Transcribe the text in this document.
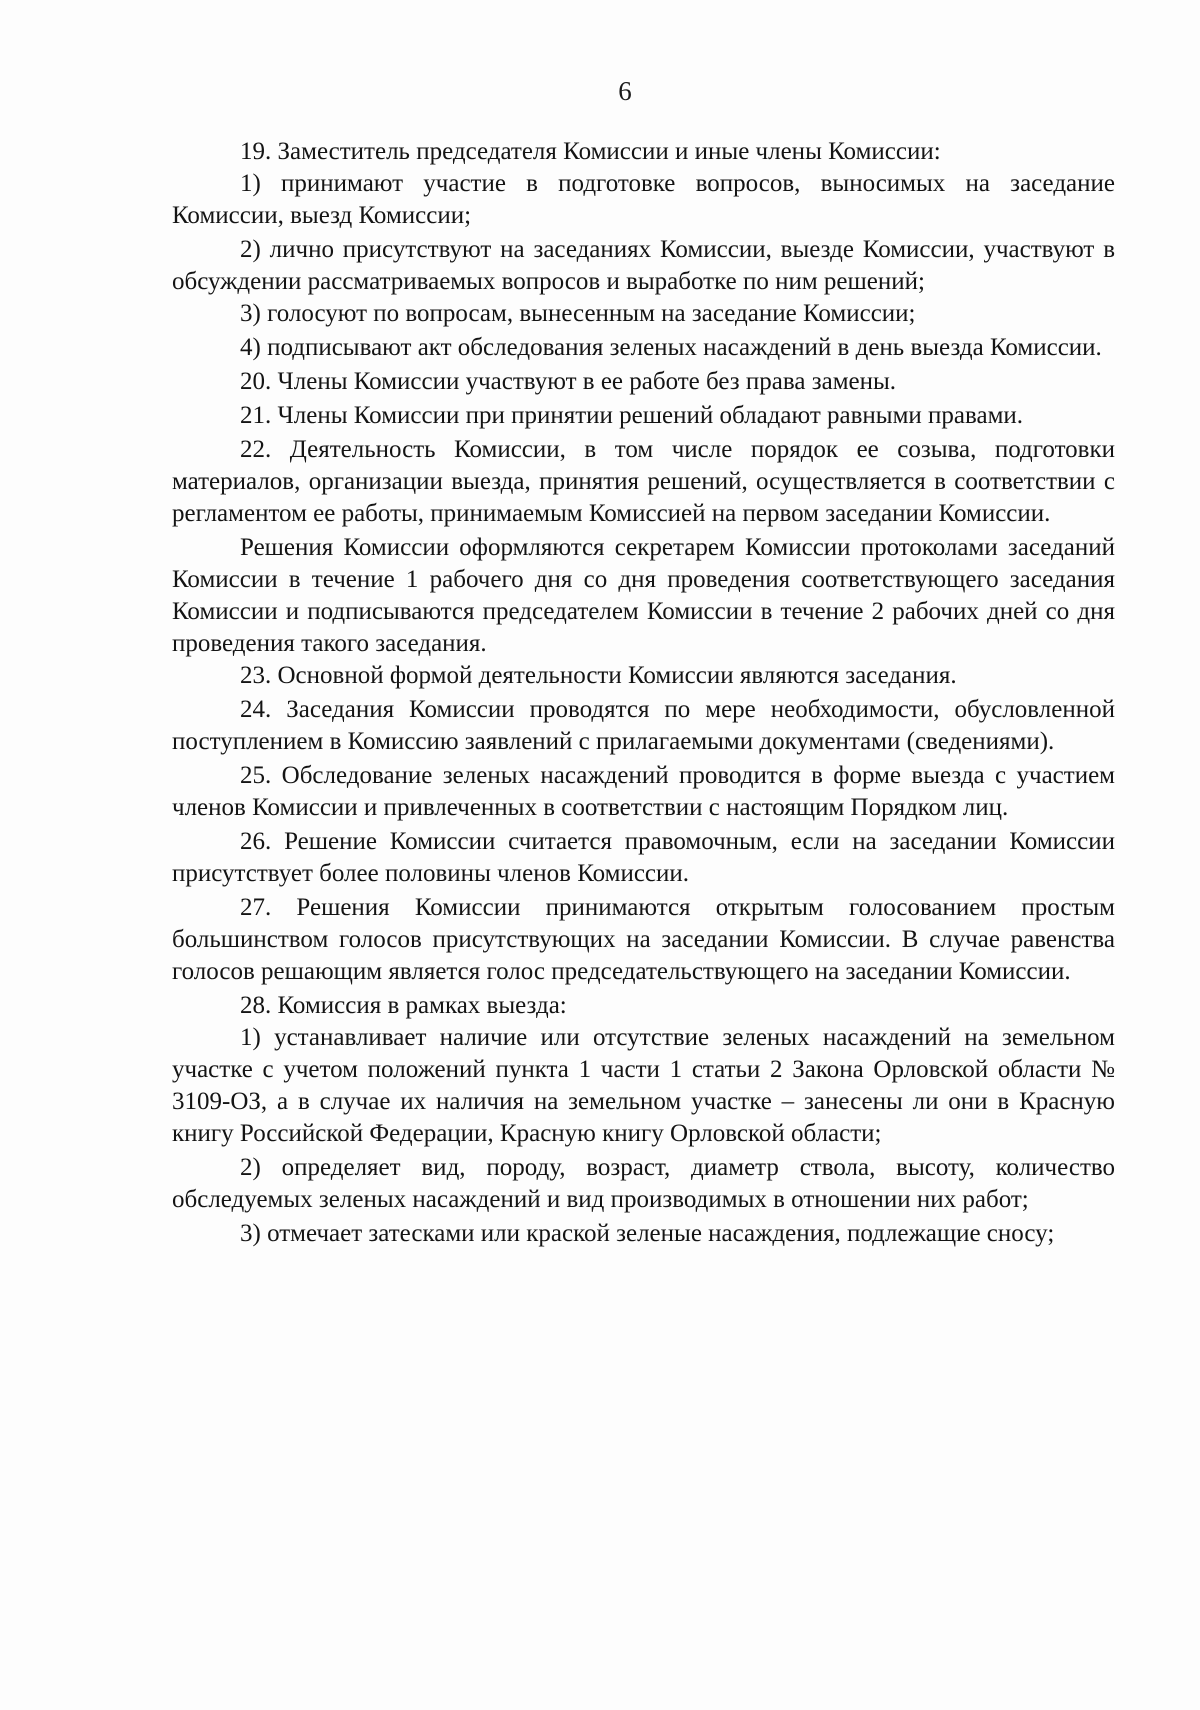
6

19. Заместитель председателя Комиссии и иные члены Комиссии:

1) принимают участие в подготовке вопросов, выносимых на заседание Комиссии, выезд Комиссии;

2) лично присутствуют на заседаниях Комиссии, выезде Комиссии, участвуют в обсуждении рассматриваемых вопросов и выработке по ним решений;

3) голосуют по вопросам, вынесенным на заседание Комиссии;

4) подписывают акт обследования зеленых насаждений в день выезда Комиссии.

20. Члены Комиссии участвуют в ее работе без права замены.

21. Члены Комиссии при принятии решений обладают равными правами.

22. Деятельность Комиссии, в том числе порядок ее созыва, подготовки материалов, организации выезда, принятия решений, осуществляется в соответствии с регламентом ее работы, принимаемым Комиссией на первом заседании Комиссии.

Решения Комиссии оформляются секретарем Комиссии протоколами заседаний Комиссии в течение 1 рабочего дня со дня проведения соответствующего заседания Комиссии и подписываются председателем Комиссии в течение 2 рабочих дней со дня проведения такого заседания.

23. Основной формой деятельности Комиссии являются заседания.

24. Заседания Комиссии проводятся по мере необходимости, обусловленной поступлением в Комиссию заявлений с прилагаемыми документами (сведениями).

25. Обследование зеленых насаждений проводится в форме выезда с участием членов Комиссии и привлеченных в соответствии с настоящим Порядком лиц.

26. Решение Комиссии считается правомочным, если на заседании Комиссии присутствует более половины членов Комиссии.

27. Решения Комиссии принимаются открытым голосованием простым большинством голосов присутствующих на заседании Комиссии. В случае равенства голосов решающим является голос председательствующего на заседании Комиссии.

28. Комиссия в рамках выезда:

1) устанавливает наличие или отсутствие зеленых насаждений на земельном участке с учетом положений пункта 1 части 1 статьи 2 Закона Орловской области № 3109-ОЗ, а в случае их наличия на земельном участке – занесены ли они в Красную книгу Российской Федерации, Красную книгу Орловской области;

2) определяет вид, породу, возраст, диаметр ствола, высоту, количество обследуемых зеленых насаждений и вид производимых в отношении них работ;

3) отмечает затесками или краской зеленые насаждения, подлежащие сносу;
